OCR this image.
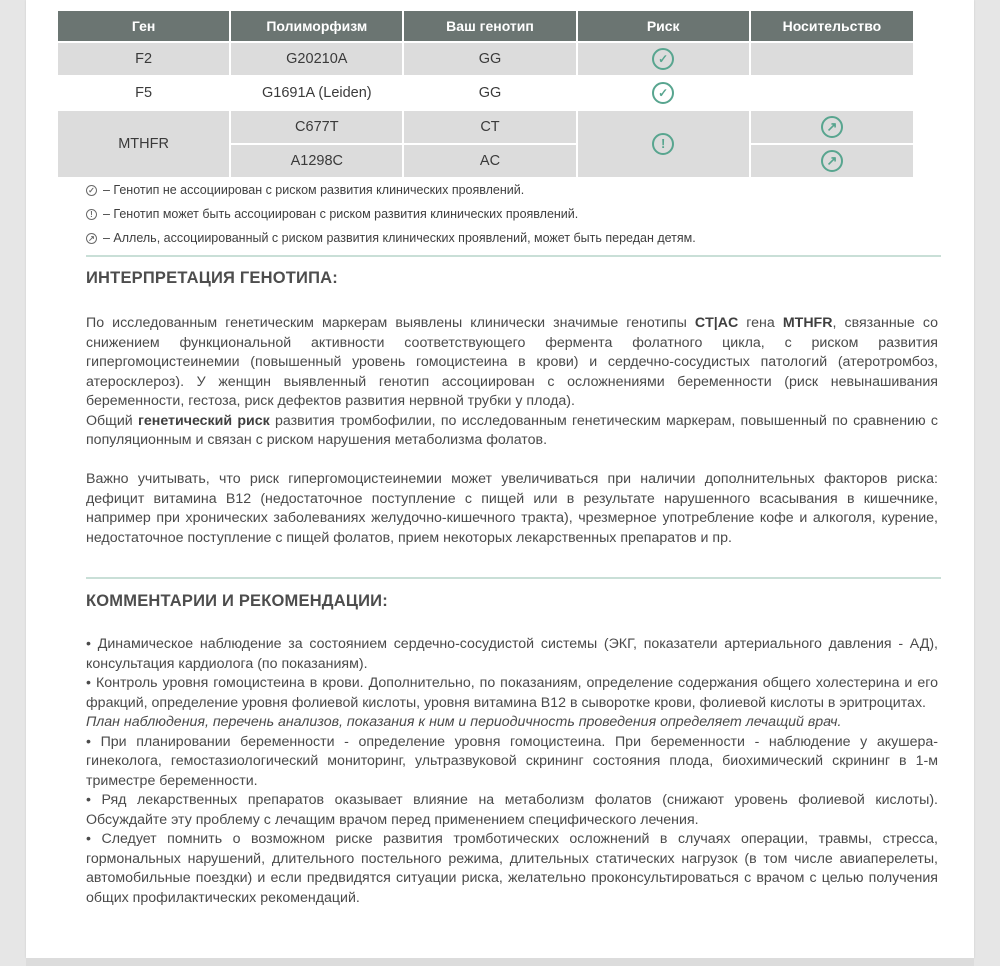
Ген	Полиморфизм	Ваш генотип	Риск	Носительство
F2	G20210A	GG	✓	
F5	G1691A (Leiden)	GG	✓	
MTHFR	C677T	CT	!	↗
	A1298C	AC		↗
✓ – Генотип не ассоциирован с риском развития клинических проявлений.
! – Генотип может быть ассоциирован с риском развития клинических проявлений.
↗ – Аллель, ассоциированный с риском развития клинических проявлений, может быть передан детям.
ИНТЕРПРЕТАЦИЯ ГЕНОТИПА:

По исследованным генетическим маркерам выявлены клинически значимые генотипы CT|AC гена MTHFR, связанные со снижением функциональной активности соответствующего фермента фолатного цикла, с риском развития гипергомоцистеинемии (повышенный уровень гомоцистеина в крови) и сердечно-сосудистых патологий (атеротромбоз, атеросклероз). У женщин выявленный генотип ассоциирован с осложнениями беременности (риск невынашивания беременности, гестоза, риск дефектов развития нервной трубки у плода).

Общий генетический риск развития тромбофилии, по исследованным генетическим маркерам, повышенный по сравнению с популяционным и связан с риском нарушения метаболизма фолатов.

Важно учитывать, что риск гипергомоцистеинемии может увеличиваться при наличии дополнительных факторов риска: дефицит витамина В12 (недостаточное поступление с пищей или в результате нарушенного всасывания в кишечнике, например при хронических заболеваниях желудочно-кишечного тракта), чрезмерное употребление кофе и алкоголя, курение, недостаточное поступление с пищей фолатов, прием некоторых лекарственных препаратов и пр.

КОММЕНТАРИИ И РЕКОМЕНДАЦИИ:

• Динамическое наблюдение за состоянием сердечно-сосудистой системы (ЭКГ, показатели артериального давления - АД), консультация кардиолога (по показаниям).

• Контроль уровня гомоцистеина в крови. Дополнительно, по показаниям, определение содержания общего холестерина и его фракций, определение уровня фолиевой кислоты, уровня витамина В12 в сыворотке крови, фолиевой кислоты в эритроцитах.

План наблюдения, перечень анализов, показания к ним и периодичность проведения определяет лечащий врач.

• При планировании беременности - определение уровня гомоцистеина. При беременности - наблюдение у акушера-гинеколога, гемостазиологический мониторинг, ультразвуковой скрининг состояния плода, биохимический скрининг в 1-м триместре беременности.

• Ряд лекарственных препаратов оказывает влияние на метаболизм фолатов (снижают уровень фолиевой кислоты). Обсуждайте эту проблему с лечащим врачом перед применением специфического лечения.

• Следует помнить о возможном риске развития тромботических осложнений в случаях операции, травмы, стресса, гормональных нарушений, длительного постельного режима, длительных статических нагрузок (в том числе авиаперелеты, автомобильные поездки) и если предвидятся ситуации риска, желательно проконсультироваться с врачом с целью получения общих профилактических рекомендаций.
